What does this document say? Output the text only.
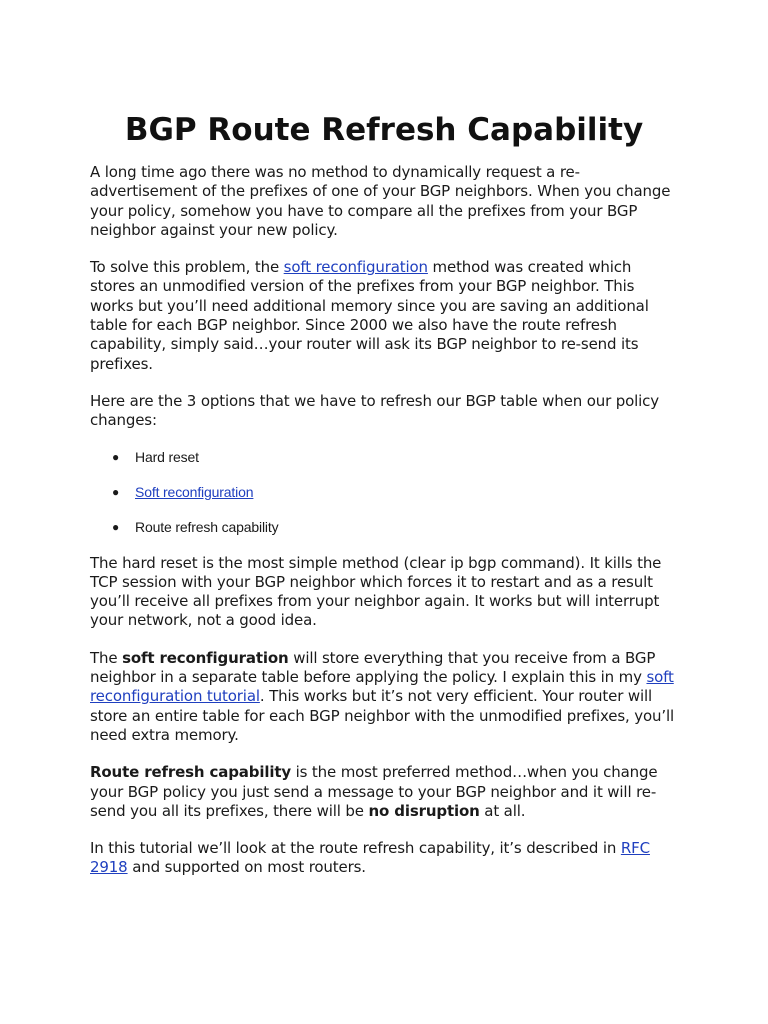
BGP Route Refresh Capability

A long time ago there was no method to dynamically request a re-advertisement of the prefixes of one of your BGP neighbors. When you change your policy, somehow you have to compare all the prefixes from your BGP neighbor against your new policy.

To solve this problem, the soft reconfiguration method was created which stores an unmodified version of the prefixes from your BGP neighbor. This works but you’ll need additional memory since you are saving an additional table for each BGP neighbor. Since 2000 we also have the route refresh capability, simply said…your router will ask its BGP neighbor to re-send its prefixes.

Here are the 3 options that we have to refresh our BGP table when our policy changes:

● Hard reset
● Soft reconfiguration
● Route refresh capability

The hard reset is the most simple method (clear ip bgp command). It kills the TCP session with your BGP neighbor which forces it to restart and as a result you’ll receive all prefixes from your neighbor again. It works but will interrupt your network, not a good idea.

The soft reconfiguration will store everything that you receive from a BGP neighbor in a separate table before applying the policy. I explain this in my soft reconfiguration tutorial. This works but it’s not very efficient. Your router will store an entire table for each BGP neighbor with the unmodified prefixes, you’ll need extra memory.

Route refresh capability is the most preferred method…when you change your BGP policy you just send a message to your BGP neighbor and it will re-send you all its prefixes, there will be no disruption at all.

In this tutorial we’ll look at the route refresh capability, it’s described in RFC 2918 and supported on most routers.
